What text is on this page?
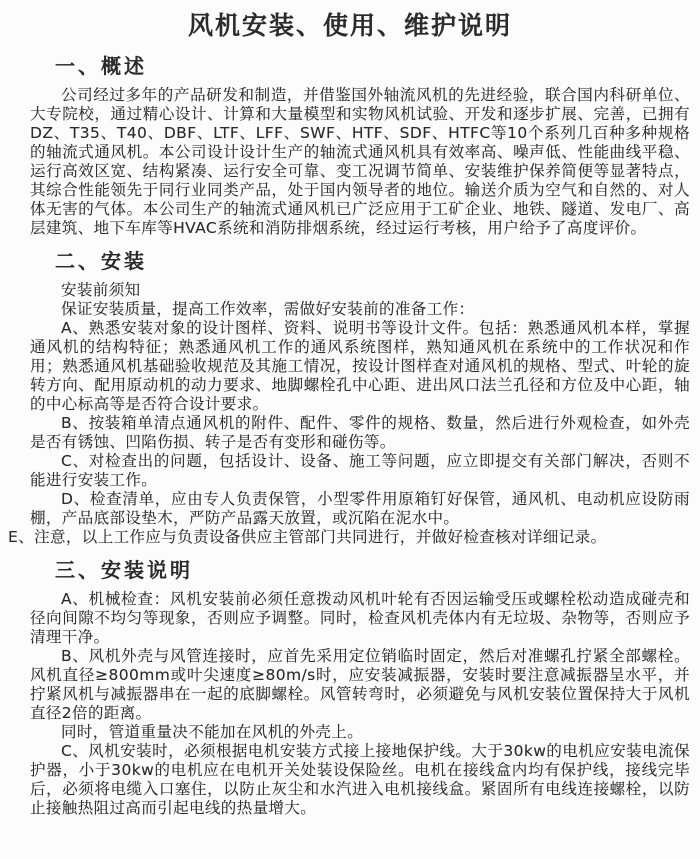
风机安装、使用、维护说明
一、概述

公司经过多年的产品研发和制造，并借鉴国外轴流风机的先进经验，联合国内科研单位、大专院校，通过精心设计、计算和大量模型和实物风机试验、开发和逐步扩展、完善，已拥有DZ、T35、T40、DBF、LTF、LFF、SWF、HTF、SDF、HTFC等10个系列几百种多种规格的轴流式通风机。本公司设计设计生产的轴流式通风机具有效率高、噪声低、性能曲线平稳、运行高效区宽、结构紧凑、运行安全可靠、变工况调节简单、安装维护保养简便等显著特点，其综合性能领先于同行业同类产品，处于国内领导者的地位。输送介质为空气和自然的、对人体无害的气体。本公司生产的轴流式通风机已广泛应用于工矿企业、地铁、隧道、发电厂、高层建筑、地下车库等HVAC系统和消防排烟系统，经过运行考核，用户给予了高度评价。

二、安装

安装前须知

保证安装质量，提高工作效率，需做好安装前的准备工作：

A、熟悉安装对象的设计图样、资料、说明书等设计文件。包括：熟悉通风机本样，掌握通风机的结构特征；熟悉通风机工作的通风系统图样，熟知通风机在系统中的工作状况和作用；熟悉通风机基础验收规范及其施工情况，按设计图样查对通风机的规格、型式、叶轮的旋转方向、配用原动机的动力要求、地脚螺栓孔中心距、进出风口法兰孔径和方位及中心距，轴的中心标高等是否符合设计要求。

B、按装箱单清点通风机的附件、配件、零件的规格、数量，然后进行外观检查，如外壳是否有锈蚀、凹陷伤损、转子是否有变形和碰伤等。

C、对检查出的问题，包括设计、设备、施工等问题，应立即提交有关部门解决，否则不能进行安装工作。

D、检查清单，应由专人负责保管，小型零件用原箱钉好保管，通风机、电动机应设防雨棚，产品底部设垫木，严防产品露天放置，或沉陷在泥水中。

E、注意，以上工作应与负责设备供应主管部门共同进行，并做好检查核对详细记录。

三、安装说明

A、机械检查：风机安装前必须任意拨动风机叶轮有否因运输受压或螺栓松动造成碰壳和径向间隙不均匀等现象，否则应予调整。同时，检查风机壳体内有无垃圾、杂物等，否则应予清理干净。

B、风机外壳与风管连接时，应首先采用定位销临时固定，然后对准螺孔拧紧全部螺栓。风机直径≥800mm或叶尖速度≥80m/s时，应安装减振器，安装时要注意减振器呈水平，并拧紧风机与减振器串在一起的底脚螺栓。风管转弯时，必须避免与风机安装位置保持大于风机直径2倍的距离。

同时，管道重量决不能加在风机的外壳上。

C、风机安装时，必须根据电机安装方式接上接地保护线。大于30kw的电机应安装电流保护器，小于30kw的电机应在电机开关处装设保险丝。电机在接线盒内均有保护线，接线完毕后，必须将电缆入口塞住，以防止灰尘和水汽进入电机接线盒。紧固所有电线连接螺栓，以防止接触热阻过高而引起电线的热量增大。
